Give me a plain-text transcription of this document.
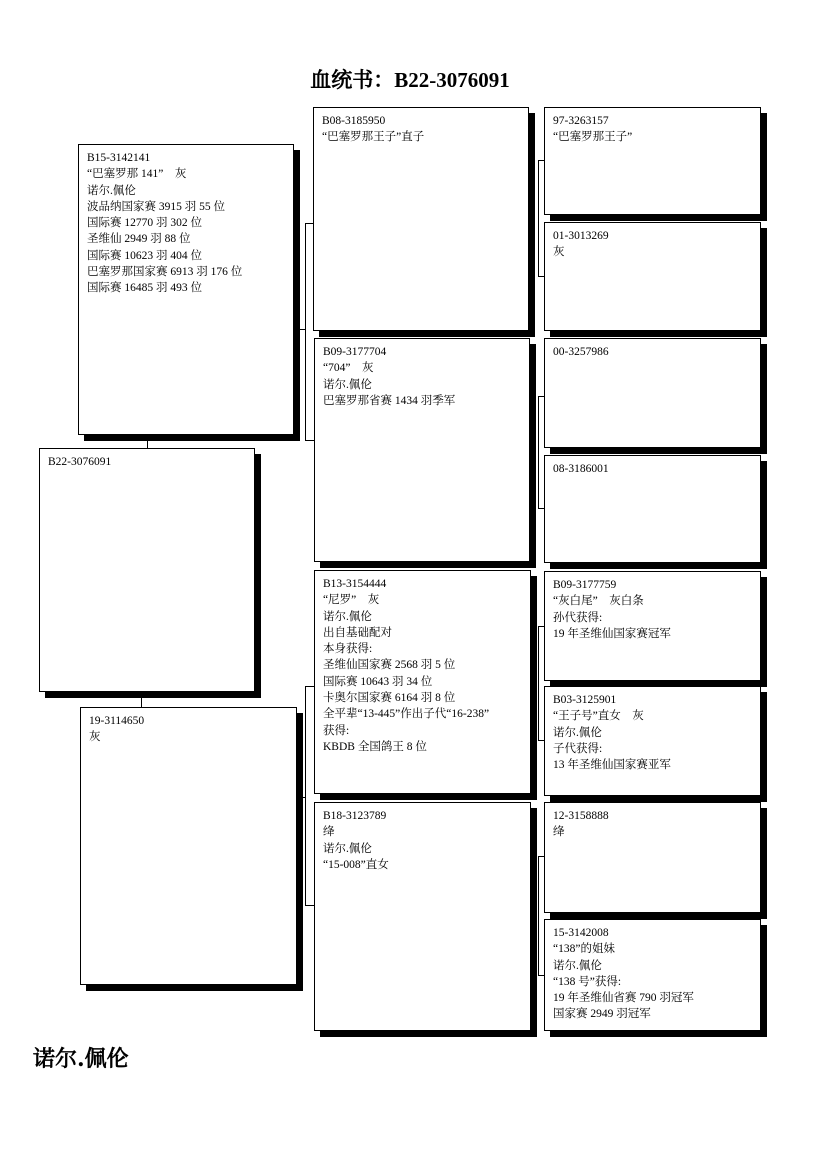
血统书：B22-3076091
B22-3076091
B15-3142141
“巴塞罗那 141”    灰
诺尔.佩伦
波品纳国家赛 3915 羽 55 位
国际赛 12770 羽 302 位
圣维仙 2949 羽 88 位
国际赛 10623 羽 404 位
巴塞罗那国家赛 6913 羽 176 位
国际赛 16485 羽 493 位
19-3114650
灰
B08-3185950
“巴塞罗那王子”直子
B09-3177704
“704”    灰
诺尔.佩伦
巴塞罗那省赛 1434 羽季军
B13-3154444
“尼罗”    灰
诺尔.佩伦
出自基础配对
本身获得:
圣维仙国家赛 2568 羽 5 位
国际赛 10643 羽 34 位
卡奥尔国家赛 6164 羽 8 位
全平辈“13-445”作出子代“16-238”
获得:
KBDB 全国鸽王 8 位
B18-3123789
绛
诺尔.佩伦
“15-008”直女
97-3263157
“巴塞罗那王子”
01-3013269
灰
00-3257986
08-3186001
B09-3177759
“灰白尾”    灰白条
孙代获得:
19 年圣维仙国家赛冠军
B03-3125901
“王子号”直女    灰
诺尔.佩伦
子代获得:
13 年圣维仙国家赛亚军
12-3158888
绛
15-3142008
“138”的姐妹
诺尔.佩伦
“138 号”获得:
19 年圣维仙省赛 790 羽冠军
国家赛 2949 羽冠军
诺尔.佩伦
